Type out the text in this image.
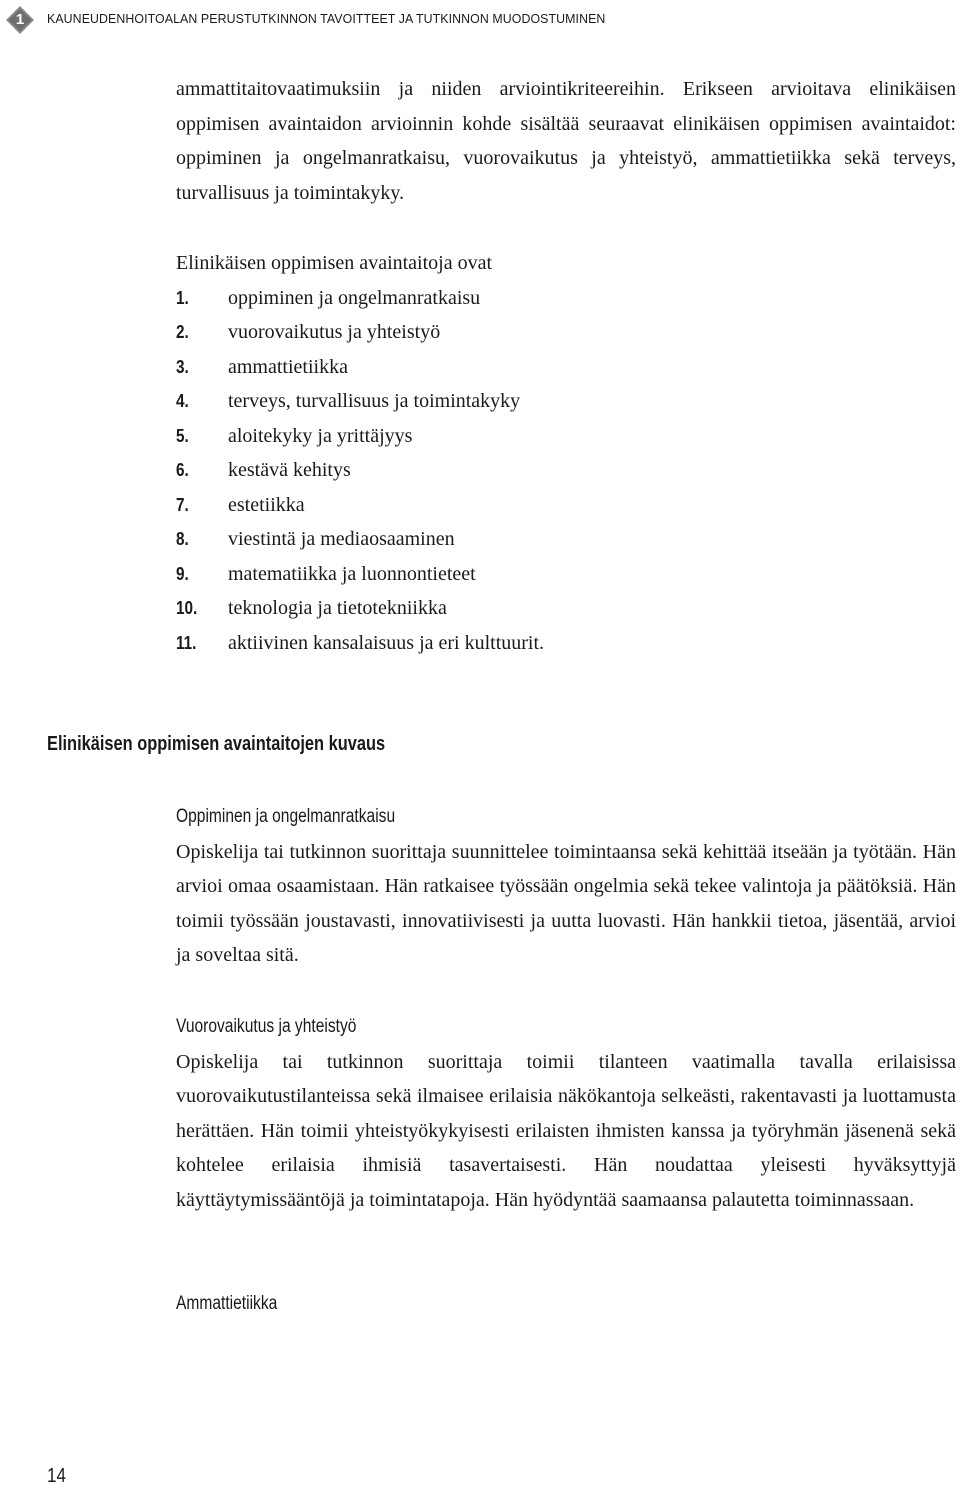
1	KAUNEUDENHOITOALAN PERUSTUTKINNON TAVOITTEET JA TUTKINNON MUODOSTUMINEN
ammattitaitovaatimuksiin ja niiden arviointikriteereihin. Erikseen arvioitava elinikäisen oppimisen avaintaidon arvioinnin kohde sisältää seuraavat elinikäisen oppimisen avaintaidot: oppiminen ja ongelmanratkaisu, vuorovaikutus ja yhteistyö, ammattietiikka sekä terveys, turvallisuus ja toimintakyky.

Elinikäisen oppimisen avaintaitoja ovat

1.	oppiminen ja ongelmanratkaisu
2.	vuorovaikutus ja yhteistyö
3.	ammattietiikka
4.	terveys, turvallisuus ja toimintakyky
5.	aloitekyky ja yrittäjyys
6.	kestävä kehitys
7.	estetiikka
8.	viestintä ja mediaosaaminen
9.	matematiikka ja luonnontieteet
10.	teknologia ja tietotekniikka
11.	aktiivinen kansalaisuus ja eri kulttuurit.
Elinikäisen oppimisen avaintaitojen kuvaus
Oppiminen ja ongelmanratkaisu

Opiskelija tai tutkinnon suorittaja suunnittelee toimintaansa sekä kehittää itseään ja työtään. Hän arvioi omaa osaamistaan. Hän ratkaisee työssään ongelmia sekä tekee valintoja ja päätöksiä. Hän toimii työssään joustavasti, innovatiivisesti ja uutta luovasti. Hän hankkii tietoa, jäsentää, arvioi ja soveltaa sitä.

Vuorovaikutus ja yhteistyö

Opiskelija tai tutkinnon suorittaja toimii tilanteen vaatimalla tavalla erilaisissa vuorovaikutustilanteissa sekä ilmaisee erilaisia näkökantoja selkeästi, rakentavasti ja luottamusta herättäen. Hän toimii yhteistyökykyisesti erilaisten ihmisten kanssa ja työryhmän jäsenenä sekä kohtelee erilaisia ihmisiä tasavertaisesti. Hän noudattaa yleisesti hyväksyttyjä käyttäytymissääntöjä ja toimintatapoja. Hän hyödyntää saamaansa palautetta toiminnassaan.

Ammattietiikka
14
